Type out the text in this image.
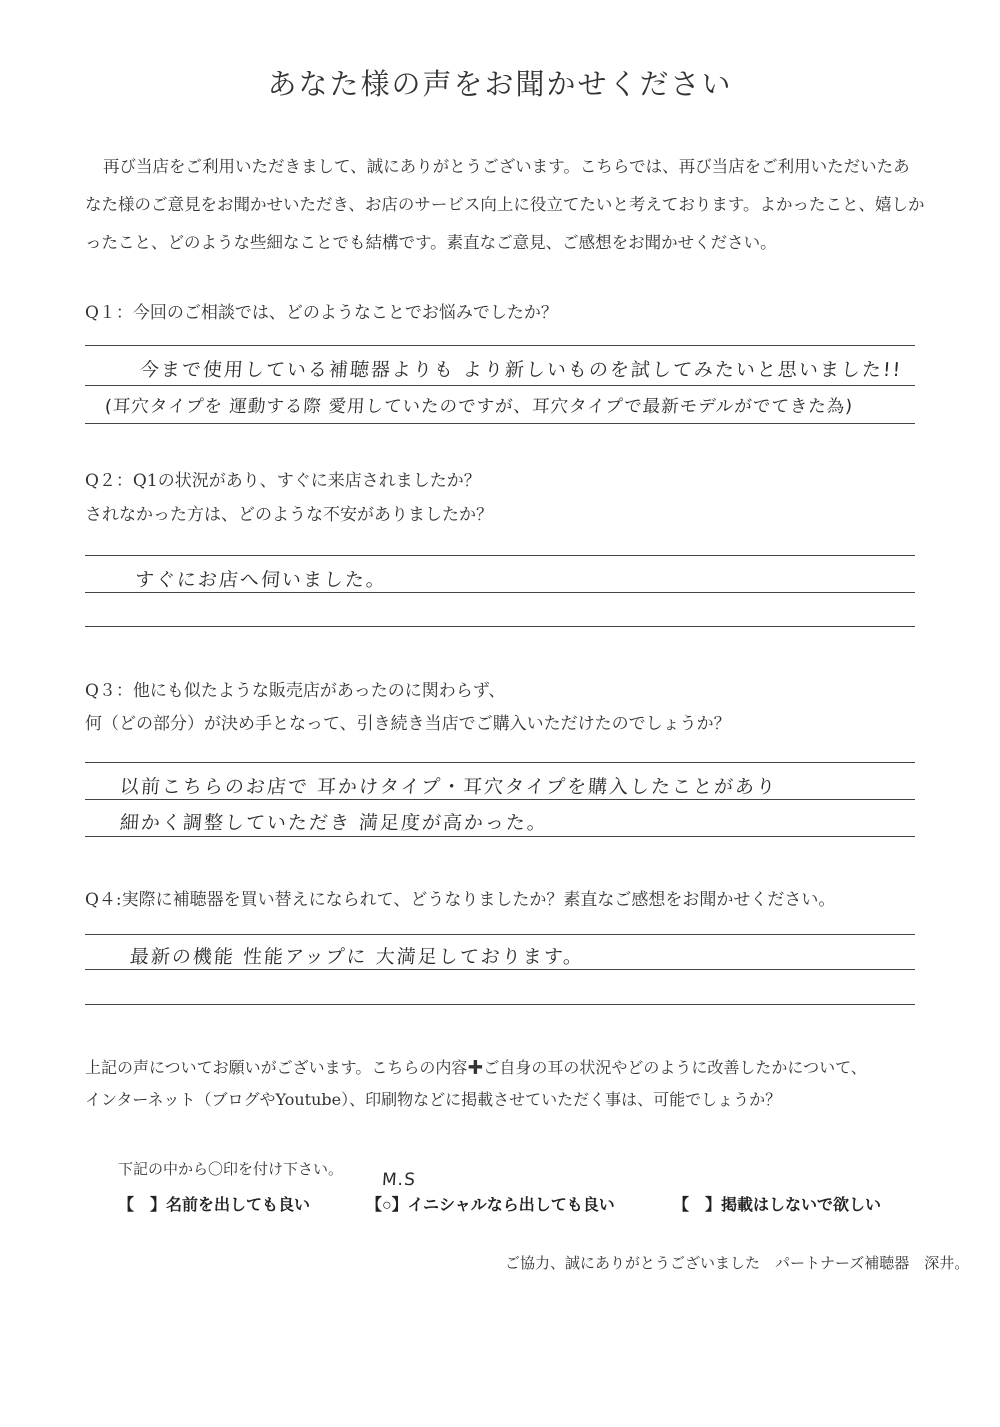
あなた様の声をお聞かせください
再び当店をご利用いただきまして、誠にありがとうございます。こちらでは、再び当店をご利用いただいたあなた様のご意見をお聞かせいただき、お店のサービス向上に役立てたいと考えております。よかったこと、嬉しかったこと、どのような些細なことでも結構です。素直なご意見、ご感想をお聞かせください。
Q１：今回のご相談では、どのようなことでお悩みでしたか？
今まで使用している補聴器よりも より新しいものを試してみたいと思いました!!
(耳穴タイプを 運動する際 愛用していたのですが、耳穴タイプで最新モデルがでてきた為)
Q２：Q1の状況があり、すぐに来店されましたか？
されなかった方は、どのような不安がありましたか？
すぐにお店へ伺いました。
Q３：他にも似たような販売店があったのに関わらず、
何（どの部分）が決め手となって、引き続き当店でご購入いただけたのでしょうか？
以前こちらのお店で 耳かけタイプ・耳穴タイプを購入したことがあり
細かく調整していただき 満足度が高かった。
Q４:実際に補聴器を買い替えになられて、どうなりましたか？素直なご感想をお聞かせください。
最新の機能 性能アップに 大満足しております。
上記の声についてお願いがございます。こちらの内容✚ご自身の耳の状況やどのように改善したかについて、
インターネット（ブログやYoutube）、印刷物などに掲載させていただく事は、可能でしょうか？
下記の中から〇印を付け下さい。
M.S
【　】名前を出しても良い	【○】イニシャルなら出しても良い	【　】掲載はしないで欲しい
ご協力、誠にありがとうございました　パートナーズ補聴器　深井。
